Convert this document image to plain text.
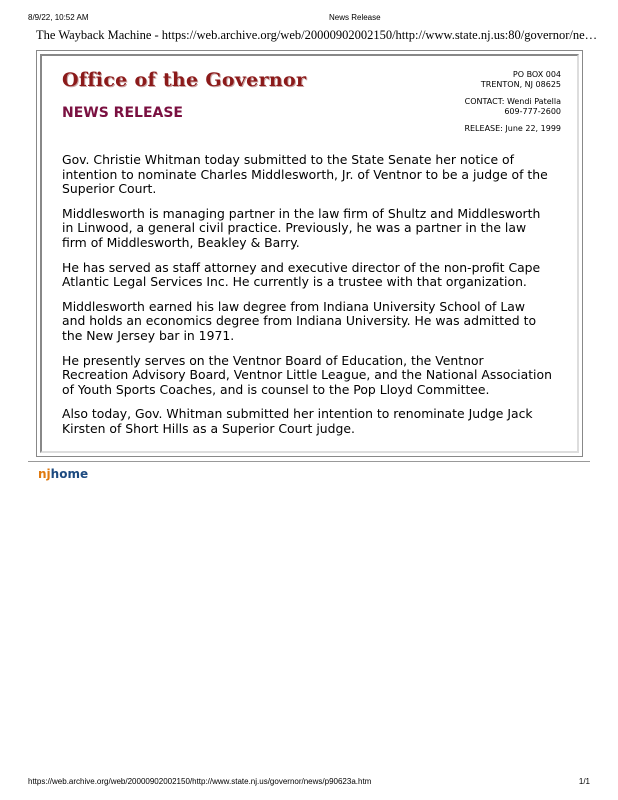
8/9/22, 10:52 AM	News Release
The Wayback Machine - https://web.archive.org/web/20000902002150/http://www.state.nj.us:80/governor/ne…
Office of the Governor
NEWS RELEASE
PO BOX 004
TRENTON, NJ 08625
CONTACT: Wendi Patella
609-777-2600
RELEASE: June 22, 1999

Gov. Christie Whitman today submitted to the State Senate her notice of intention to nominate Charles Middlesworth, Jr. of Ventnor to be a judge of the Superior Court.

Middlesworth is managing partner in the law firm of Shultz and Middlesworth in Linwood, a general civil practice. Previously, he was a partner in the law firm of Middlesworth, Beakley & Barry.

He has served as staff attorney and executive director of the non-profit Cape Atlantic Legal Services Inc. He currently is a trustee with that organization.

Middlesworth earned his law degree from Indiana University School of Law and holds an economics degree from Indiana University. He was admitted to the New Jersey bar in 1971.

He presently serves on the Ventnor Board of Education, the Ventnor Recreation Advisory Board, Ventnor Little League, and the National Association of Youth Sports Coaches, and is counsel to the Pop Lloyd Committee.

Also today, Gov. Whitman submitted her intention to renominate Judge Jack Kirsten of Short Hills as a Superior Court judge.

njhome
https://web.archive.org/web/20000902002150/http://www.state.nj.us/governor/news/p90623a.htm	1/1
